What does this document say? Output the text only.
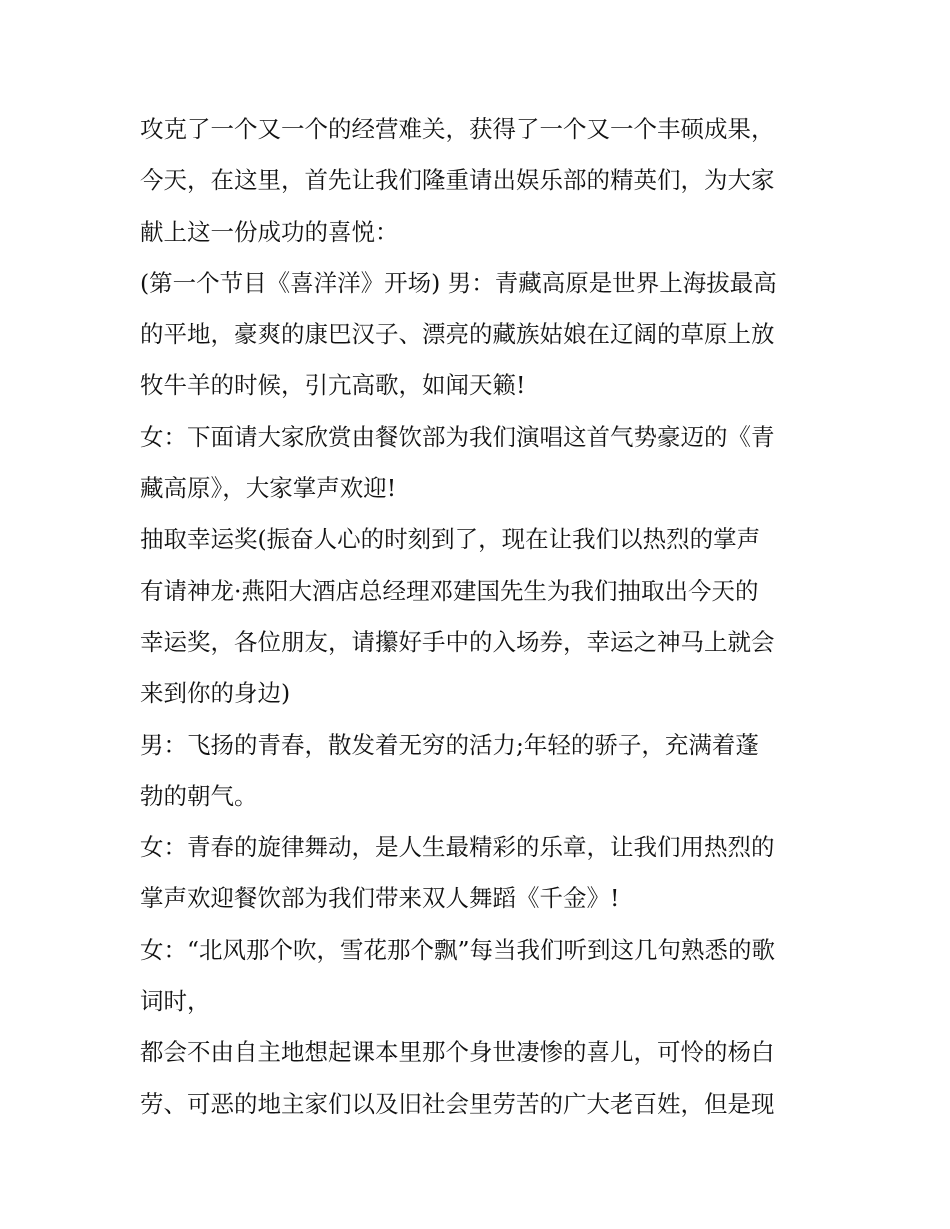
攻克了一个又一个的经营难关，获得了一个又一个丰硕成果，
今天，在这里，首先让我们隆重请出娱乐部的精英们，为大家
献上这一份成功的喜悦：
(第一个节目《喜洋洋》开场) 男：青藏高原是世界上海拔最高
的平地，豪爽的康巴汉子、漂亮的藏族姑娘在辽阔的草原上放
牧牛羊的时候，引亢高歌，如闻天籁!
女：下面请大家欣赏由餐饮部为我们演唱这首气势豪迈的《青
藏高原》，大家掌声欢迎!
抽取幸运奖(振奋人心的时刻到了，现在让我们以热烈的掌声
有请神龙·燕阳大酒店总经理邓建国先生为我们抽取出今天的
幸运奖，各位朋友，请攥好手中的入场券，幸运之神马上就会
来到你的身边)
男：飞扬的青春，散发着无穷的活力;年轻的骄子，充满着蓬
勃的朝气。
女：青春的旋律舞动，是人生最精彩的乐章，让我们用热烈的
掌声欢迎餐饮部为我们带来双人舞蹈《千金》!
女：“北风那个吹，雪花那个飘”每当我们听到这几句熟悉的歌
词时，
都会不由自主地想起课本里那个身世凄惨的喜儿，可怜的杨白
劳、可恶的地主家们以及旧社会里劳苦的广大老百姓，但是现
